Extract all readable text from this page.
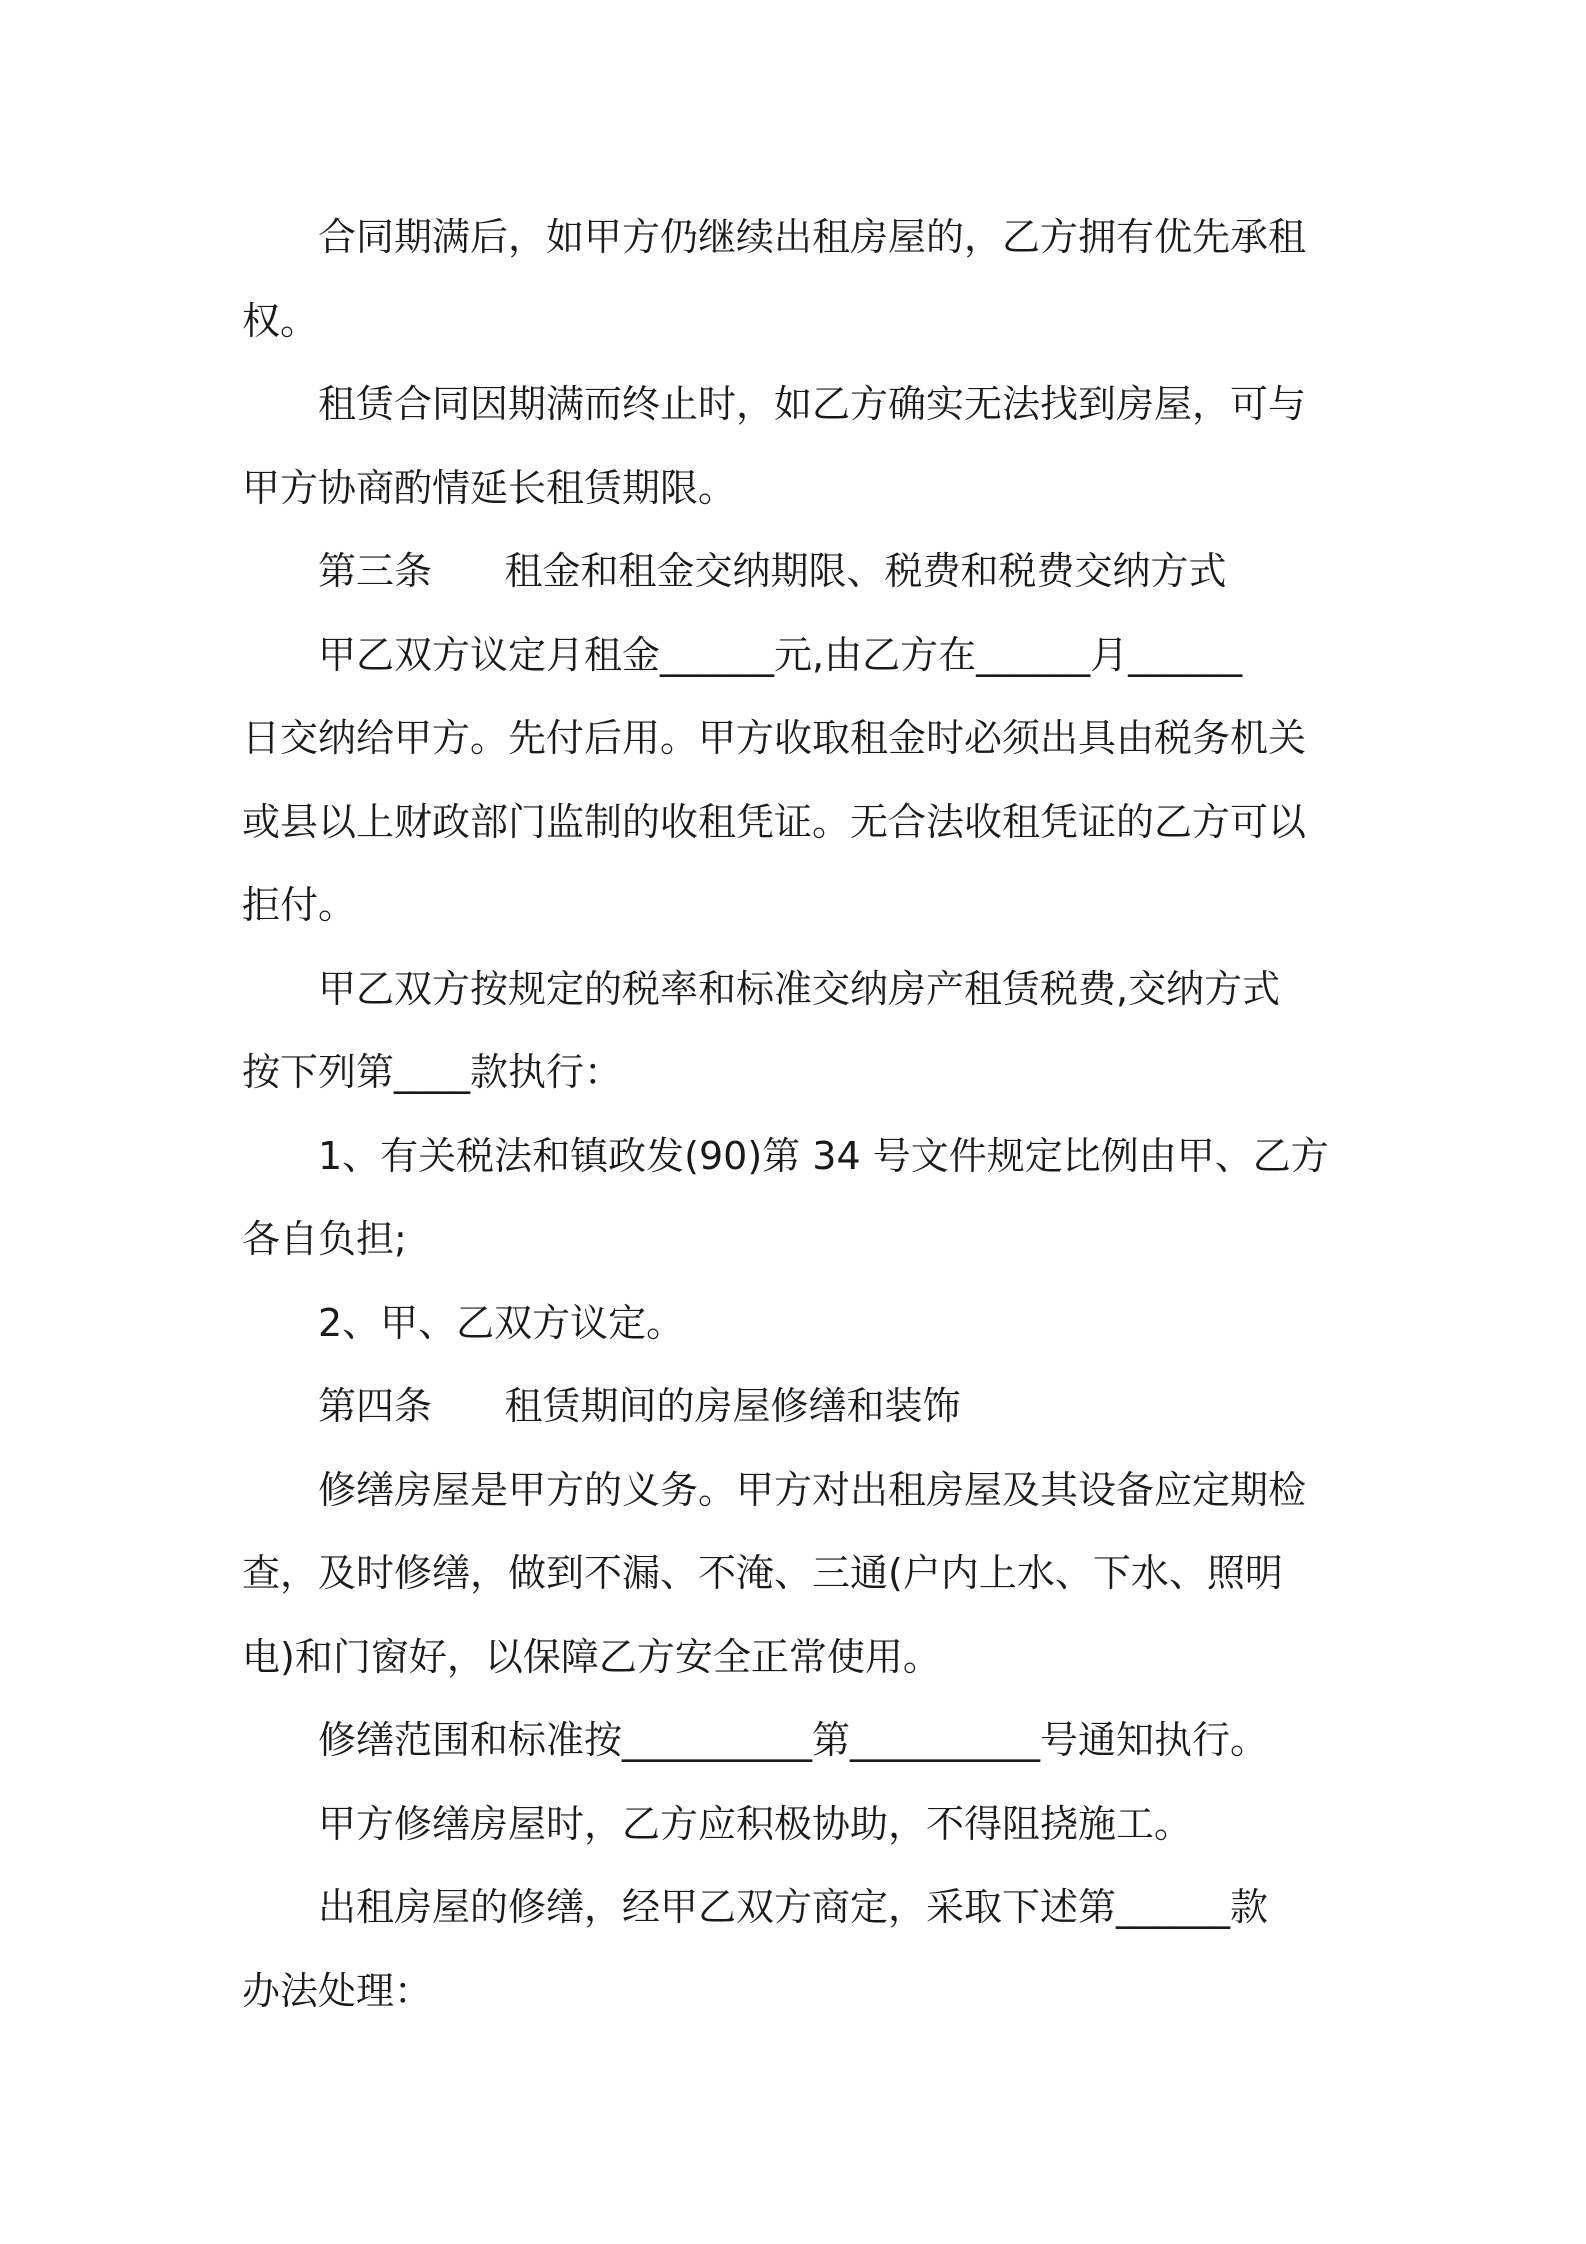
合同期满后，如甲方仍继续出租房屋的，乙方拥有优先承租
权。
租赁合同因期满而终止时，如乙方确实无法找到房屋，可与
甲方协商酌情延长租赁期限。
第三条      租金和租金交纳期限、税费和税费交纳方式
甲乙双方议定月租金______元,由乙方在______月______
日交纳给甲方。先付后用。甲方收取租金时必须出具由税务机关
或县以上财政部门监制的收租凭证。无合法收租凭证的乙方可以
拒付。
甲乙双方按规定的税率和标准交纳房产租赁税费,交纳方式
按下列第____款执行：
1、有关税法和镇政发(90)第 34 号文件规定比例由甲、乙方
各自负担;
2、甲、乙双方议定。
第四条      租赁期间的房屋修缮和装饰
修缮房屋是甲方的义务。甲方对出租房屋及其设备应定期检
查，及时修缮，做到不漏、不淹、三通(户内上水、下水、照明
电)和门窗好，以保障乙方安全正常使用。
修缮范围和标准按__________第__________号通知执行。
甲方修缮房屋时，乙方应积极协助，不得阻挠施工。
出租房屋的修缮，经甲乙双方商定，采取下述第______款
办法处理：
